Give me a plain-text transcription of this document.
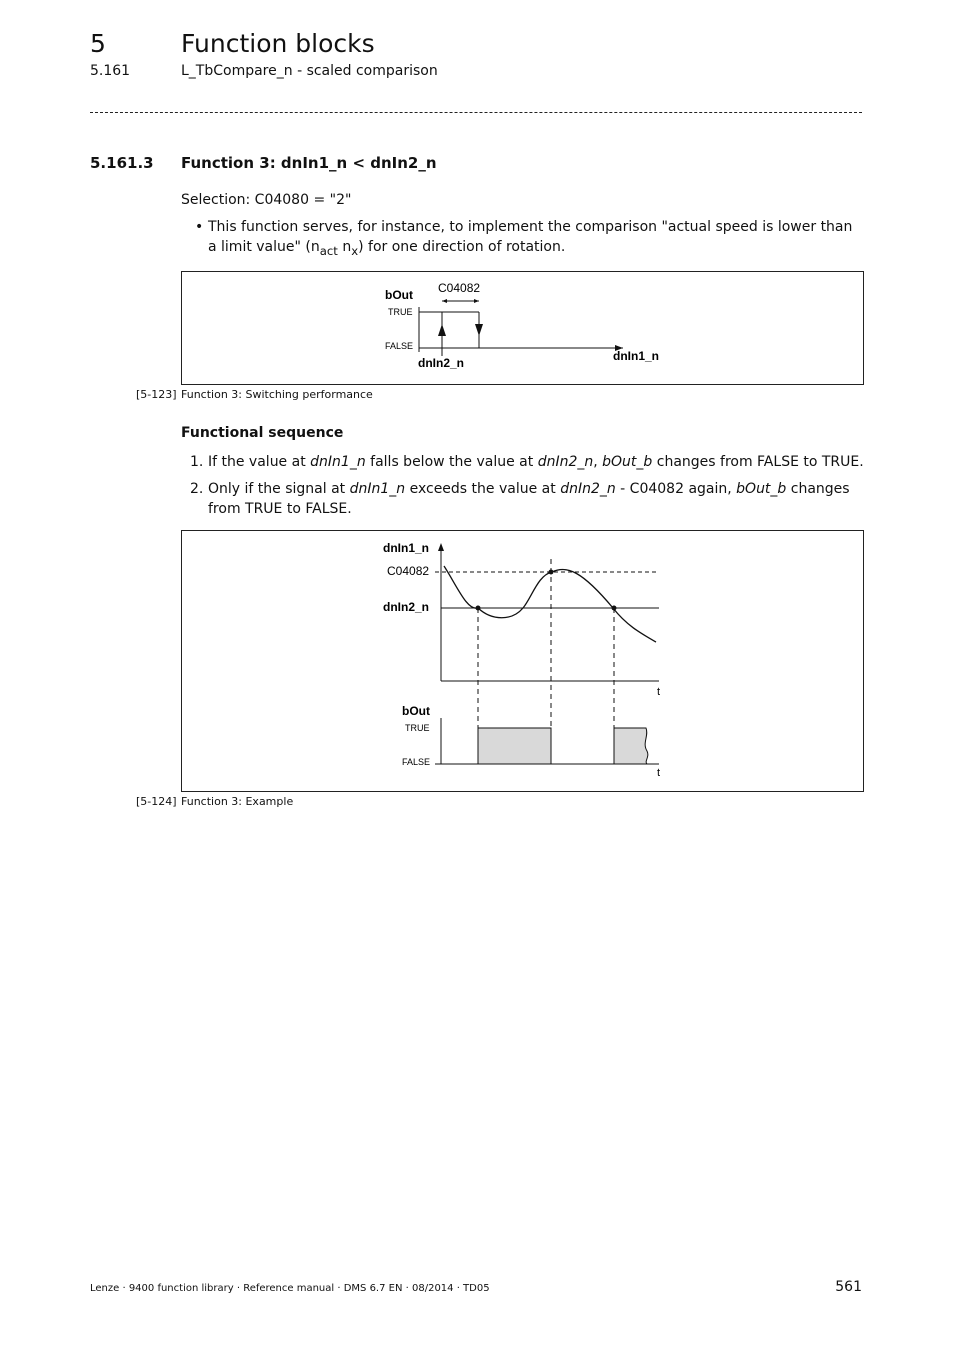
5	Function blocks
5.161	L_TbCompare_n - scaled comparison
5.161.3 Function 3: dnIn1_n < dnIn2_n
Selection: C04080 = "2"
• This function serves, for instance, to implement the comparison "actual speed is lower than a limit value" ($n_{act}$ $n_x$) for one direction of rotation.
bOut C04082
TRUE
FALSE
dnIn2_n	dnIn1_n
[5-123] Function 3: Switching performance
Functional sequence
1. If the value at dnIn1_n falls below the value at dnIn2_n, bOut_b changes from FALSE to TRUE.
2. Only if the signal at dnIn1_n exceeds the value at dnIn2_n - C04082 again, bOut_b changes from TRUE to FALSE.
dnIn1_n
C04082
dnIn2_n
t
bOut
TRUE
FALSE
t
[5-124] Function 3: Example
Lenze · 9400 function library · Reference manual · DMS 6.7 EN · 08/2014 · TD05	561
